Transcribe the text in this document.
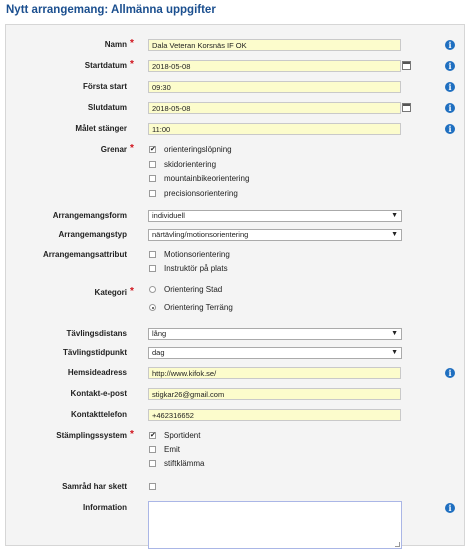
Nytt arrangemang: Allmänna uppgifter
Namn *	Dala Veteran Korsnäs IF OK	i
Startdatum *	2018-05-08	i
Första start	09:30	i
Slutdatum	2018-05-08	i
Målet stänger	11:00	i
Grenar * ✔ orienteringslöpning
skidorientering
mountainbikeorientering
precisionsorientering
Arrangemangsform	individuell	▼
Arrangemangstyp	närtävling/motionsorientering	▼
Arrangemangsattribut	Motionsorientering
Instruktör på plats
Kategori *	Orientering Stad
Orientering Terräng
Tävlingsdistans	lång	▼
Tävlingstidpunkt	dag	▼
Hemsideadress	http://www.kifok.se/	i
Kontakt-e-post	stigkar26@gmail.com
Kontakttelefon	+462316652
Stämplingssystem * ✔ Sportident
Emit
stiftklämma
Samråd har skett
Information	i
